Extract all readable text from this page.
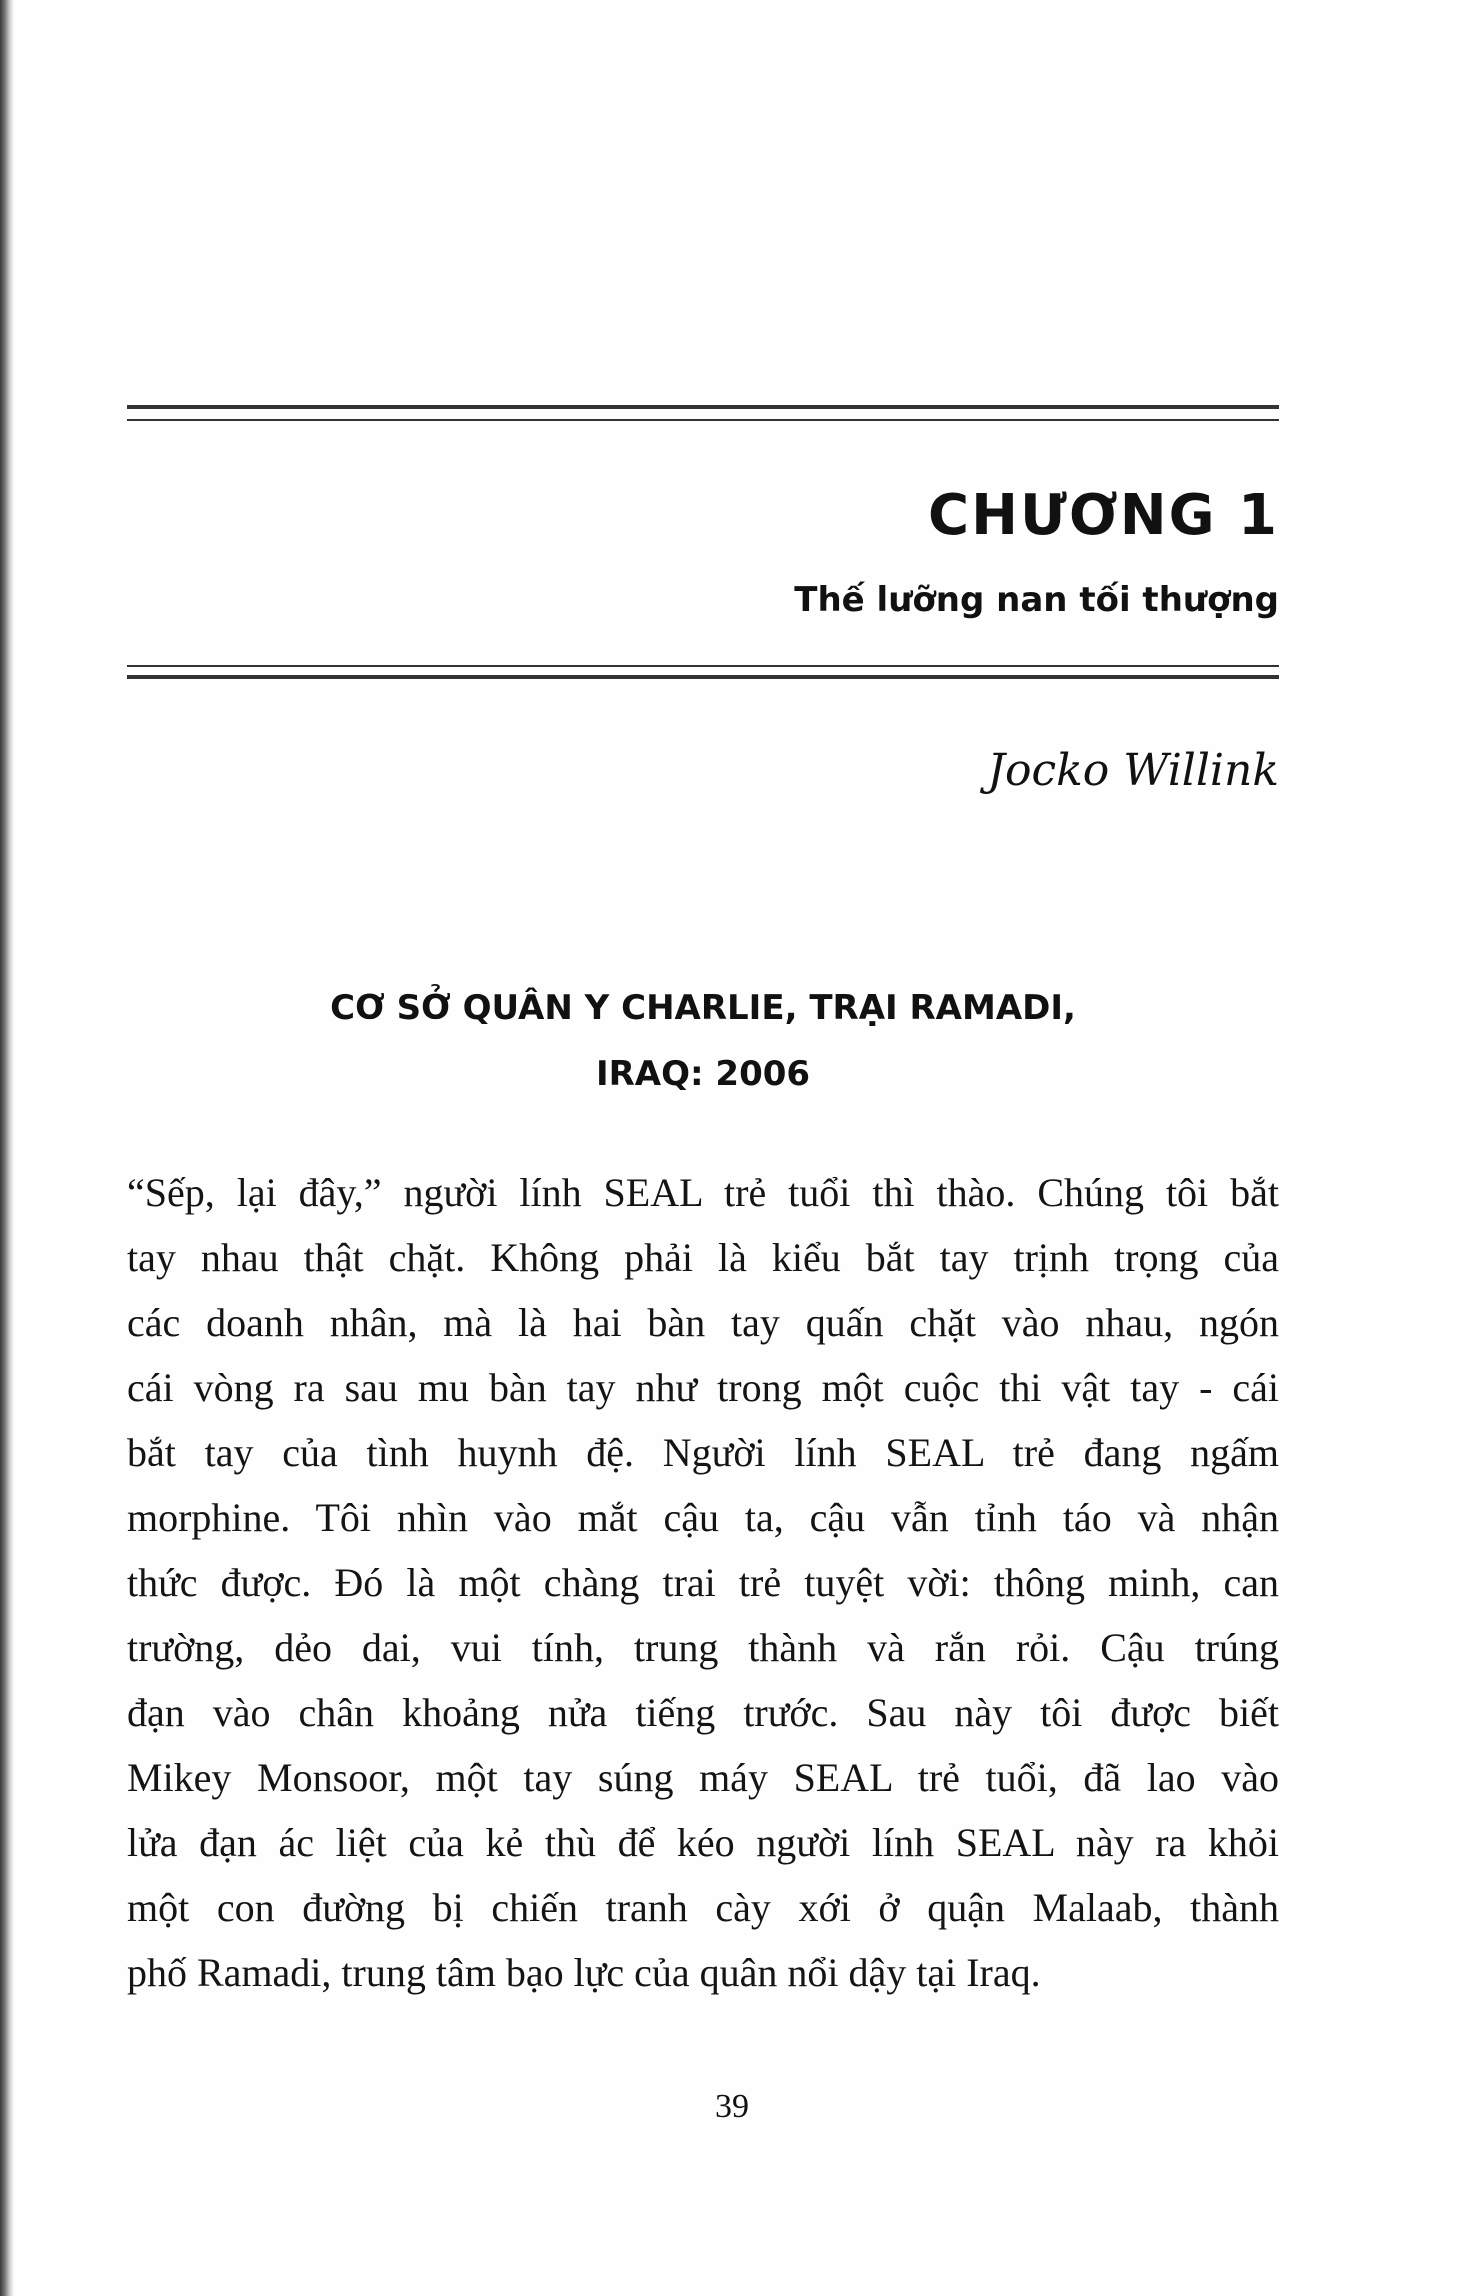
CHƯƠNG 1
Thế lưỡng nan tối thượng
Jocko Willink
CƠ SỞ QUÂN Y CHARLIE, TRẠI RAMADI,
IRAQ: 2006
“Sếp, lại đây,” người lính SEAL trẻ tuổi thì thào. Chúng tôi bắt
tay nhau thật chặt. Không phải là kiểu bắt tay trịnh trọng của
các doanh nhân, mà là hai bàn tay quấn chặt vào nhau, ngón
cái vòng ra sau mu bàn tay như trong một cuộc thi vật tay - cái
bắt tay của tình huynh đệ. Người lính SEAL trẻ đang ngấm
morphine. Tôi nhìn vào mắt cậu ta, cậu vẫn tỉnh táo và nhận
thức được. Đó là một chàng trai trẻ tuyệt vời: thông minh, can
trường, dẻo dai, vui tính, trung thành và rắn rỏi. Cậu trúng
đạn vào chân khoảng nửa tiếng trước. Sau này tôi được biết
Mikey Monsoor, một tay súng máy SEAL trẻ tuổi, đã lao vào
lửa đạn ác liệt của kẻ thù để kéo người lính SEAL này ra khỏi
một con đường bị chiến tranh cày xới ở quận Malaab, thành
phố Ramadi, trung tâm bạo lực của quân nổi dậy tại Iraq.
39
